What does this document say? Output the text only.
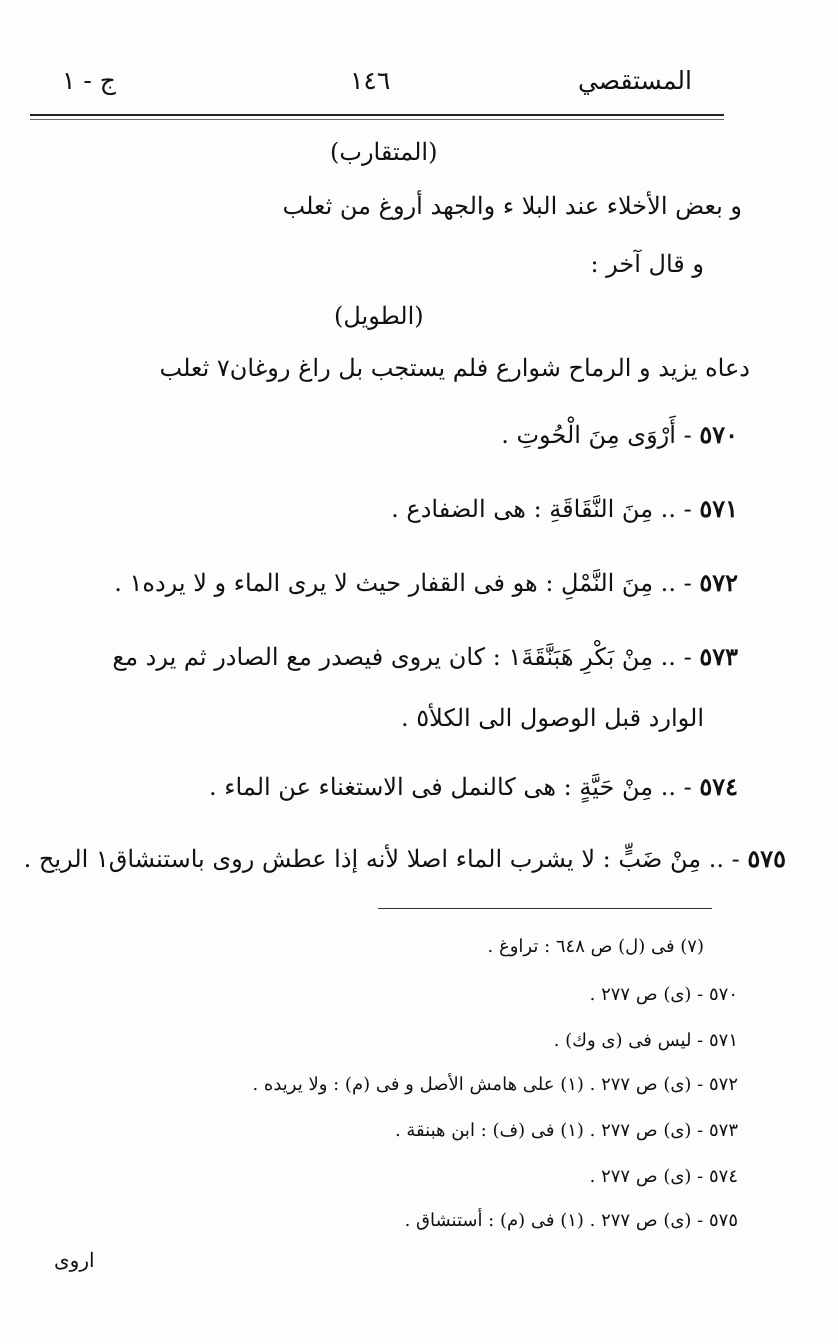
المستقصي
١٤٦
ج - ١
(المتقارب)
و بعض الأخلاء عند البلا ء والجهد أروغ من ثعلب
و قال آخر :
(الطويل)
دعاه يزيد و الرماح شوارع فلم يستجب بل راغ روغان٧ ثعلب
٥٧٠ - أَرْوَى مِنَ الْحُوتِ .
٥٧١ - .. مِنَ النَّقَاقَةِ : هى الضفادع .
٥٧٢ - .. مِنَ النَّمْلِ : هو فى القفار حيث لا يرى الماء و لا يرده١ .
٥٧٣ - .. مِنْ بَكْرِ هَبَنَّقَةَ١ : كان يروى فيصدر مع الصادر ثم يرد مع
الوارد قبل الوصول الى الكلأ٥ .
٥٧٤ - .. مِنْ حَيَّةٍ : هى كالنمل فى الاستغناء عن الماء .
٥٧٥ - .. مِنْ ضَبٍّ : لا يشرب الماء اصلا لأنه إذا عطش روى باستنشاق١ الريح .
(٧) فى (ل) ص ٦٤٨ : تراوغ .
٥٧٠ - (ى) ص ٢٧٧ .
٥٧١ - ليس فى (ى وك) .
٥٧٢ - (ى) ص ٢٧٧ . (١) على هامش الأصل و فى (م) : ولا يريده .
٥٧٣ - (ى) ص ٢٧٧ . (١) فى (ف) : ابن هبنقة .
٥٧٤ - (ى) ص ٢٧٧ .
٥٧٥ - (ى) ص ٢٧٧ . (١) فى (م) : أستنشاق .
اروى
